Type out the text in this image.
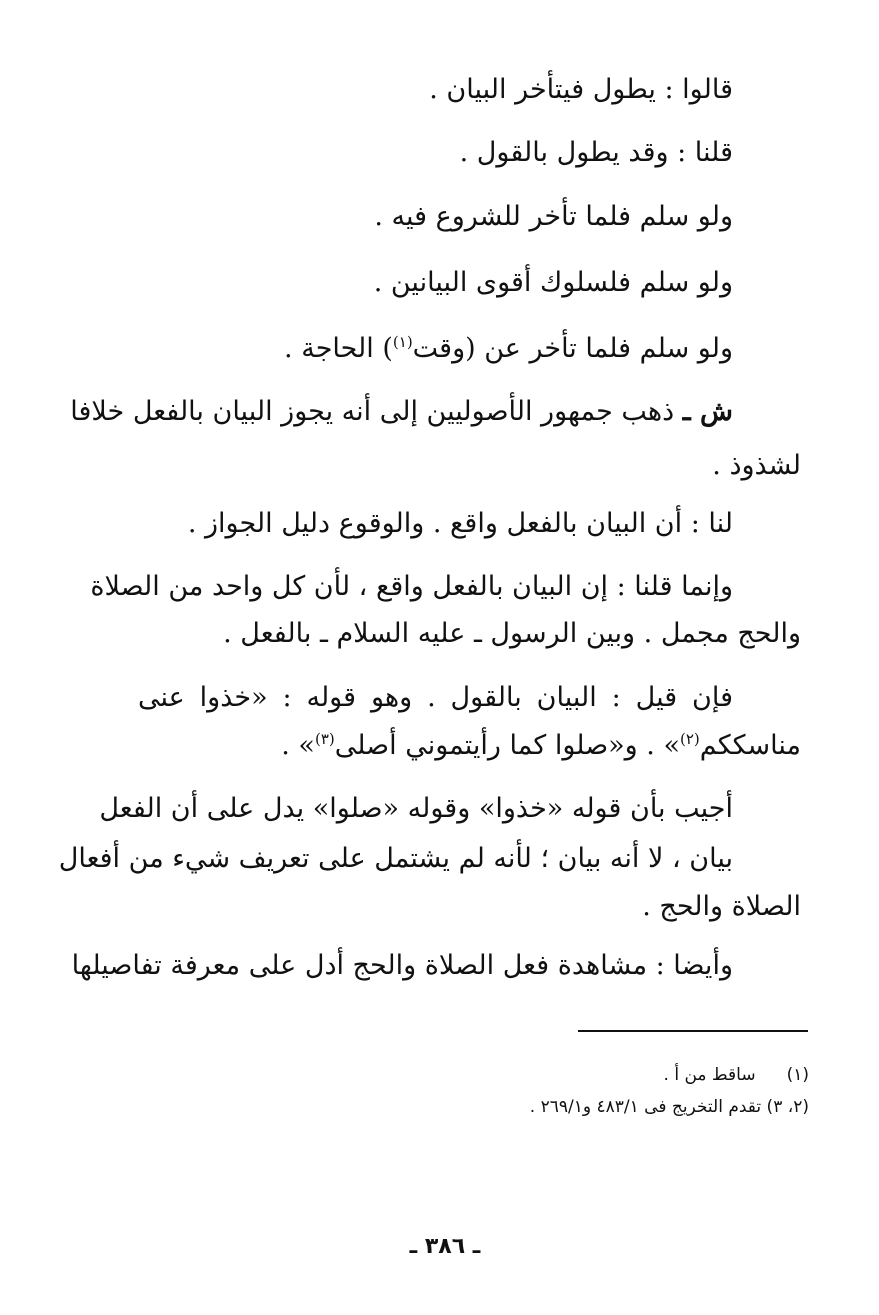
قالوا : يطول فيتأخر البيان .
قلنا : وقد يطول بالقول .
ولو سلم فلما تأخر للشروع فيه .
ولو سلم فلسلوك أقوى البيانين .
ولو سلم فلما تأخر عن (وقت$^{(١)}$) الحاجة .
ش ـ ذهب جمهور الأصوليين إلى أنه يجوز البيان بالفعل خلافا
لشذوذ .
لنا : أن البيان بالفعل واقع . والوقوع دليل الجواز .
وإنما قلنا : إن البيان بالفعل واقع ، لأن كل واحد من الصلاة
والحج مجمل . وبين الرسول ـ عليه السلام ـ بالفعل .
فإن قيل : البيان بالقول . وهو قوله : «خذوا عنى
مناسككم$^{(٢)}$» . و«صلوا كما رأيتموني أصلى$^{(٣)}$» .
أجيب بأن قوله «خذوا» وقوله «صلوا» يدل على أن الفعل
بيان ، لا أنه بيان ؛ لأنه لم يشتمل على تعريف شيء من أفعال
الصلاة والحج .
وأيضا : مشاهدة فعل الصلاة والحج أدل على معرفة تفاصيلها
(١) ساقط من أ .
(٢، ٣) تقدم التخريج فى ٤٨٣/١ و٢٦٩/١ .
ـ ٣٨٦ ـ
